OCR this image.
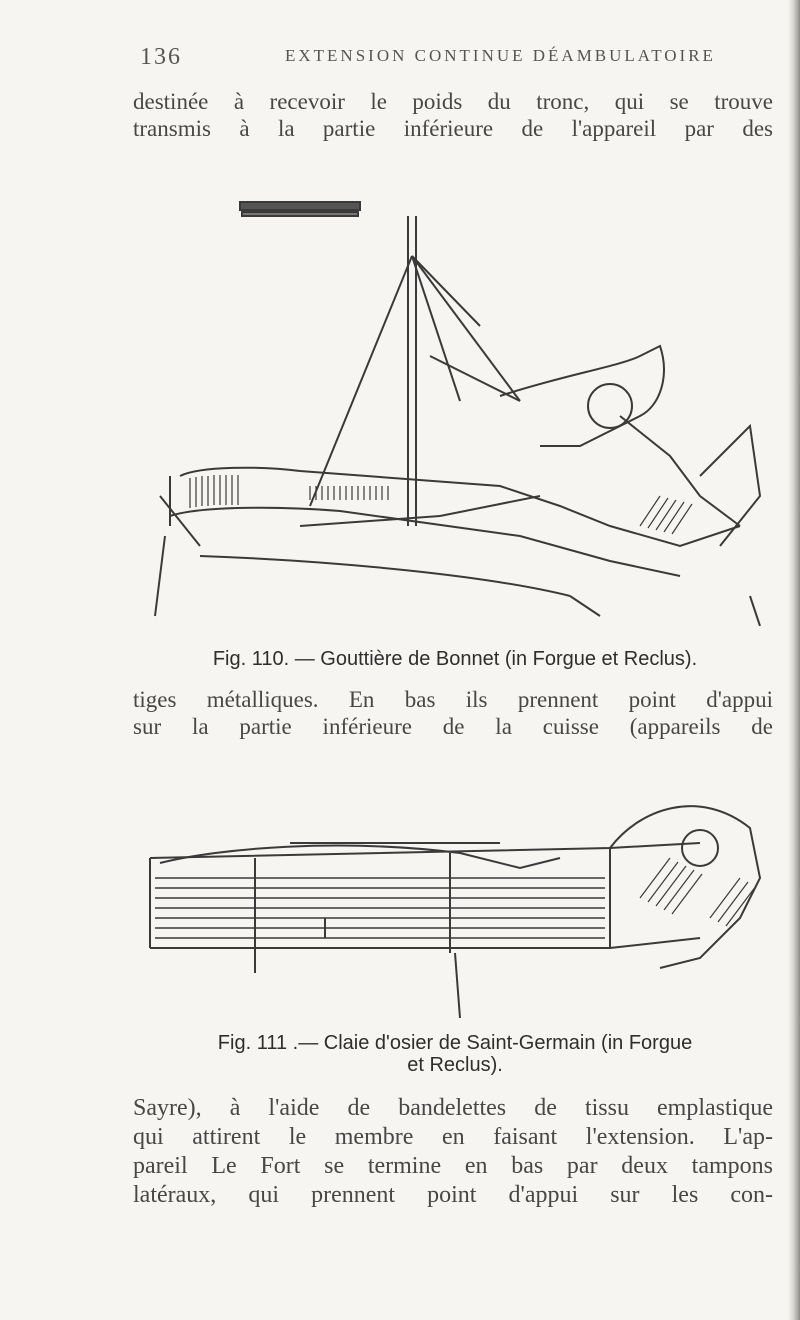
136	EXTENSION CONTINUE DÉAMBULATOIRE
destinée à recevoir le poids du tronc, qui se trouve
transmis à la partie inférieure de l'appareil par des
Fig. 110. — Gouttière de Bonnet (in Forgue et Reclus).
tiges métalliques. En bas ils prennent point d'appui
sur la partie inférieure de la cuisse (appareils de
Fig. 111 .— Claie d'osier de Saint-Germain (in Forgue
et Reclus).
Sayre), à l'aide de bandelettes de tissu emplastique
qui attirent le membre en faisant l'extension. L'ap-
pareil Le Fort se termine en bas par deux tampons
latéraux, qui prennent point d'appui sur les con-
